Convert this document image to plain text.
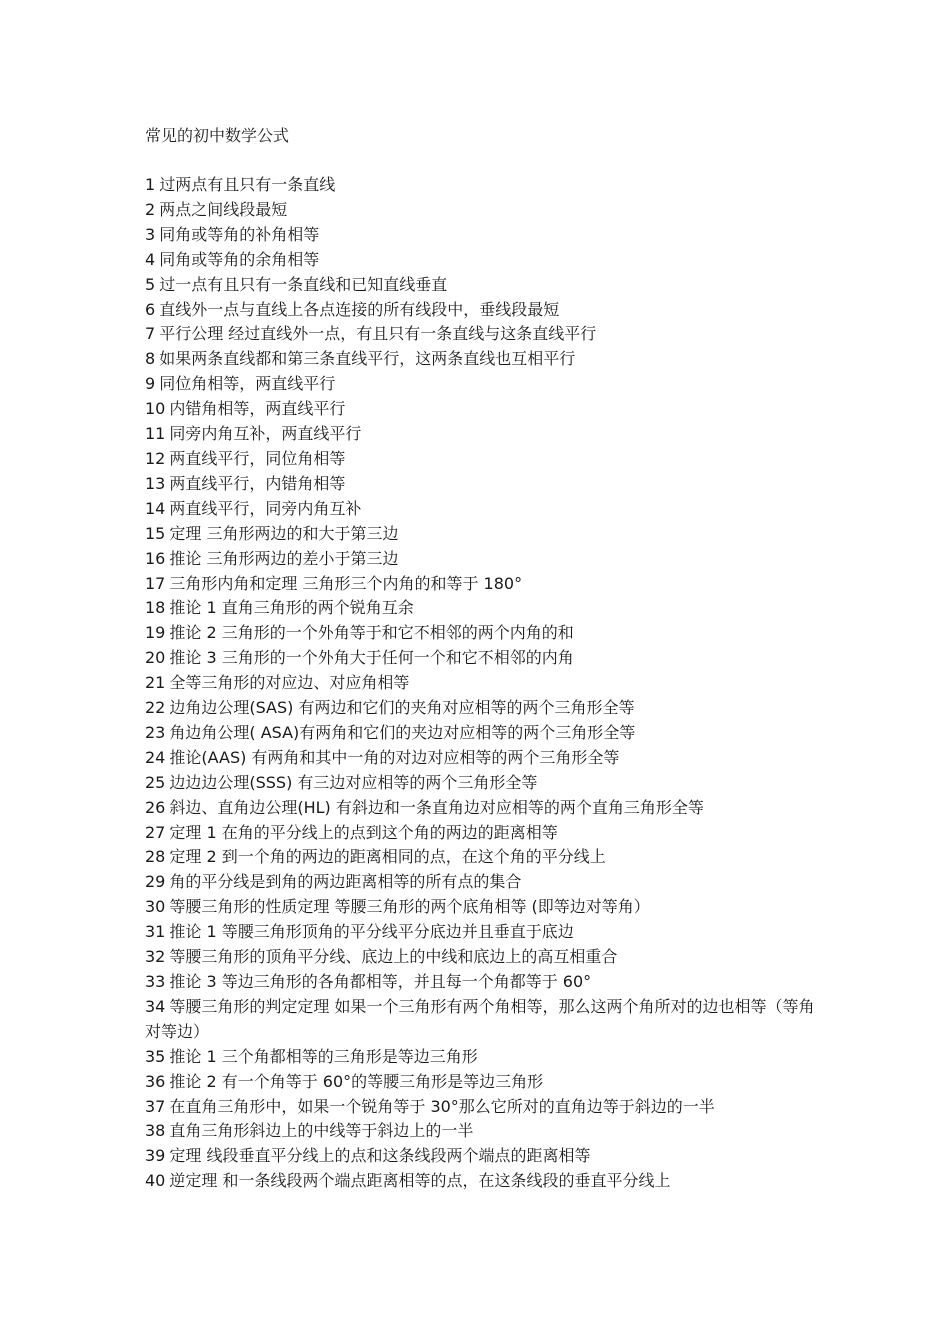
常见的初中数学公式
1 过两点有且只有一条直线
2 两点之间线段最短
3 同角或等角的补角相等
4 同角或等角的余角相等
5 过一点有且只有一条直线和已知直线垂直
6 直线外一点与直线上各点连接的所有线段中，垂线段最短
7 平行公理 经过直线外一点，有且只有一条直线与这条直线平行
8 如果两条直线都和第三条直线平行，这两条直线也互相平行
9 同位角相等，两直线平行
10 内错角相等，两直线平行
11 同旁内角互补，两直线平行
12 两直线平行，同位角相等
13 两直线平行，内错角相等
14 两直线平行，同旁内角互补
15 定理 三角形两边的和大于第三边
16 推论 三角形两边的差小于第三边
17 三角形内角和定理 三角形三个内角的和等于 180°
18 推论 1 直角三角形的两个锐角互余
19 推论 2 三角形的一个外角等于和它不相邻的两个内角的和
20 推论 3 三角形的一个外角大于任何一个和它不相邻的内角
21 全等三角形的对应边、对应角相等
22 边角边公理(SAS) 有两边和它们的夹角对应相等的两个三角形全等
23 角边角公理( ASA)有两角和它们的夹边对应相等的两个三角形全等
24 推论(AAS) 有两角和其中一角的对边对应相等的两个三角形全等
25 边边边公理(SSS) 有三边对应相等的两个三角形全等
26 斜边、直角边公理(HL) 有斜边和一条直角边对应相等的两个直角三角形全等
27 定理 1 在角的平分线上的点到这个角的两边的距离相等
28 定理 2 到一个角的两边的距离相同的点，在这个角的平分线上
29 角的平分线是到角的两边距离相等的所有点的集合
30 等腰三角形的性质定理 等腰三角形的两个底角相等 (即等边对等角）
31 推论 1 等腰三角形顶角的平分线平分底边并且垂直于底边
32 等腰三角形的顶角平分线、底边上的中线和底边上的高互相重合
33 推论 3 等边三角形的各角都相等，并且每一个角都等于 60°
34 等腰三角形的判定定理 如果一个三角形有两个角相等，那么这两个角所对的边也相等（等角对等边）
35 推论 1 三个角都相等的三角形是等边三角形
36 推论 2 有一个角等于 60°的等腰三角形是等边三角形
37 在直角三角形中，如果一个锐角等于 30°那么它所对的直角边等于斜边的一半
38 直角三角形斜边上的中线等于斜边上的一半
39 定理 线段垂直平分线上的点和这条线段两个端点的距离相等
40 逆定理 和一条线段两个端点距离相等的点，在这条线段的垂直平分线上
